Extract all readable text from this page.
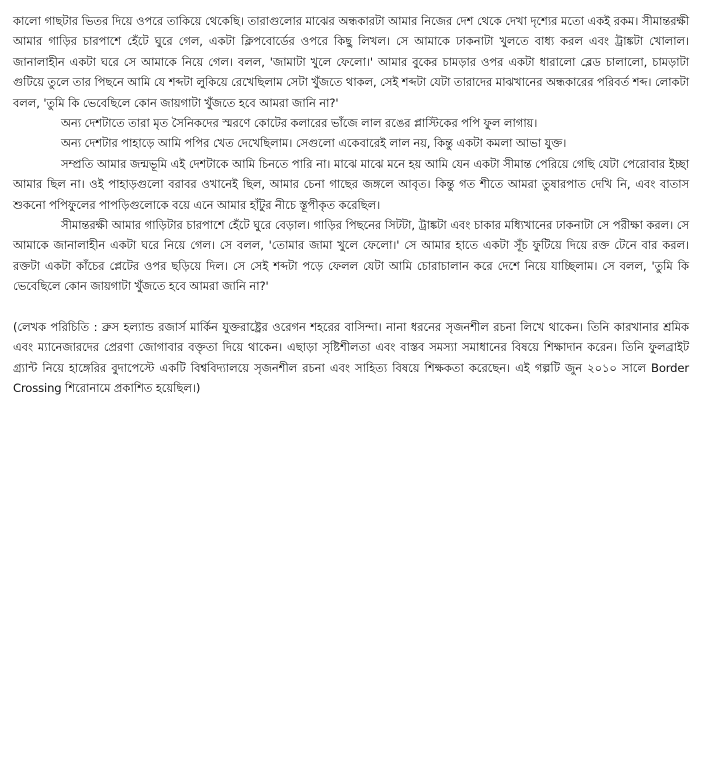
কালো গাছটার ভিতর দিয়ে ওপরে তাকিয়ে থেকেছি। তারাগুলোর মাঝের অন্ধকারটা আমার নিজের দেশ থেকে দেখা দৃশ্যের মতো একই রকম। সীমান্তরক্ষী আমার গাড়ির চারপাশে হেঁটে ঘুরে গেল, একটা ক্লিপবোর্ডের ওপরে কিছু লিখল। সে আমাকে ঢাকনাটা খুলতে বাধ্য করল এবং ট্রাঙ্কটা খোলাল। জানালাহীন একটা ঘরে সে আমাকে নিয়ে গেল। বলল, 'জামাটা খুলে ফেলো।' আমার বুকের চামড়ার ওপর একটা ধারালো ব্লেড চালালো, চামড়াটা গুটিয়ে তুলে তার পিছনে আমি যে শব্দটা লুকিয়ে রেখেছিলাম সেটা খুঁজতে থাকল, সেই শব্দটা যেটা তারাদের মাঝখানের অন্ধকারের পরিবর্ত শব্দ। লোকটা বলল, 'তুমি কি ভেবেছিলে কোন জায়গাটা খুঁজতে হবে আমরা জানি না?'

অন্য দেশটাতে তারা মৃত সৈনিকদের স্মরণে কোটের কলারের ভাঁজে লাল রঙের প্লাস্টিকের পপি ফুল লাগায়।

অন্য দেশটার পাহাড়ে আমি পপির খেত দেখেছিলাম। সেগুলো একেবারেই লাল নয়, কিন্তু একটা কমলা আভা যুক্ত।

সম্প্রতি আমার জন্মভূমি এই দেশটাকে আমি চিনতে পারি না। মাঝে মাঝে মনে হয় আমি যেন একটা সীমান্ত পেরিয়ে গেছি যেটা পেরোবার ইচ্ছা আমার ছিল না। ওই পাহাড়গুলো বরাবর ওখানেই ছিল, আমার চেনা গাছের জঙ্গলে আবৃত। কিন্তু গত শীতে আমরা তুষারপাত দেখি নি, এবং বাতাস শুকনো পপিফুলের পাপড়িগুলোকে বয়ে এনে আমার হাঁটুর নীচে স্তূপীকৃত করেছিল।

সীমান্তরক্ষী আমার গাড়িটার চারপাশে হেঁটে ঘুরে বেড়াল। গাড়ির পিছনের সিটটা, ট্রাঙ্কটা এবং চাকার মধ্যিখানের ঢাকনাটা সে পরীক্ষা করল। সে আমাকে জানালাহীন একটা ঘরে নিয়ে গেল। সে বলল, 'তোমার জামা খুলে ফেলো।' সে আমার হাতে একটা সূঁচ ফুটিয়ে দিয়ে রক্ত টেনে বার করল। রক্তটা একটা কাঁচের প্লেটের ওপর ছড়িয়ে দিল। সে সেই শব্দটা পড়ে ফেলল যেটা আমি চোরাচালান করে দেশে নিয়ে যাচ্ছিলাম। সে বলল, 'তুমি কি ভেবেছিলে কোন জায়গাটা খুঁজতে হবে আমরা জানি না?'

(লেখক পরিচিতি : ব্রুস হল্যান্ড রজার্স মার্কিন যুক্তরাষ্ট্রের ওরেগন শহরের বাসিন্দা। নানা ধরনের সৃজনশীল রচনা লিখে থাকেন। তিনি কারখানার শ্রমিক এবং ম্যানেজারদের প্রেরণা জোগাবার বক্তৃতা দিয়ে থাকেন। এছাড়া সৃষ্টিশীলতা এবং বাস্তব সমস্যা সমাধানের বিষয়ে শিক্ষাদান করেন। তিনি ফুলব্রাইট গ্র্যান্ট নিয়ে হাঙ্গেরির বুদাপেস্টে একটি বিশ্ববিদ্যালয়ে সৃজনশীল রচনা এবং সাহিত্য বিষয়ে শিক্ষকতা করেছেন। এই গল্পটি জুন ২০১০ সালে Border Crossing শিরোনামে প্রকাশিত হয়েছিল।)
